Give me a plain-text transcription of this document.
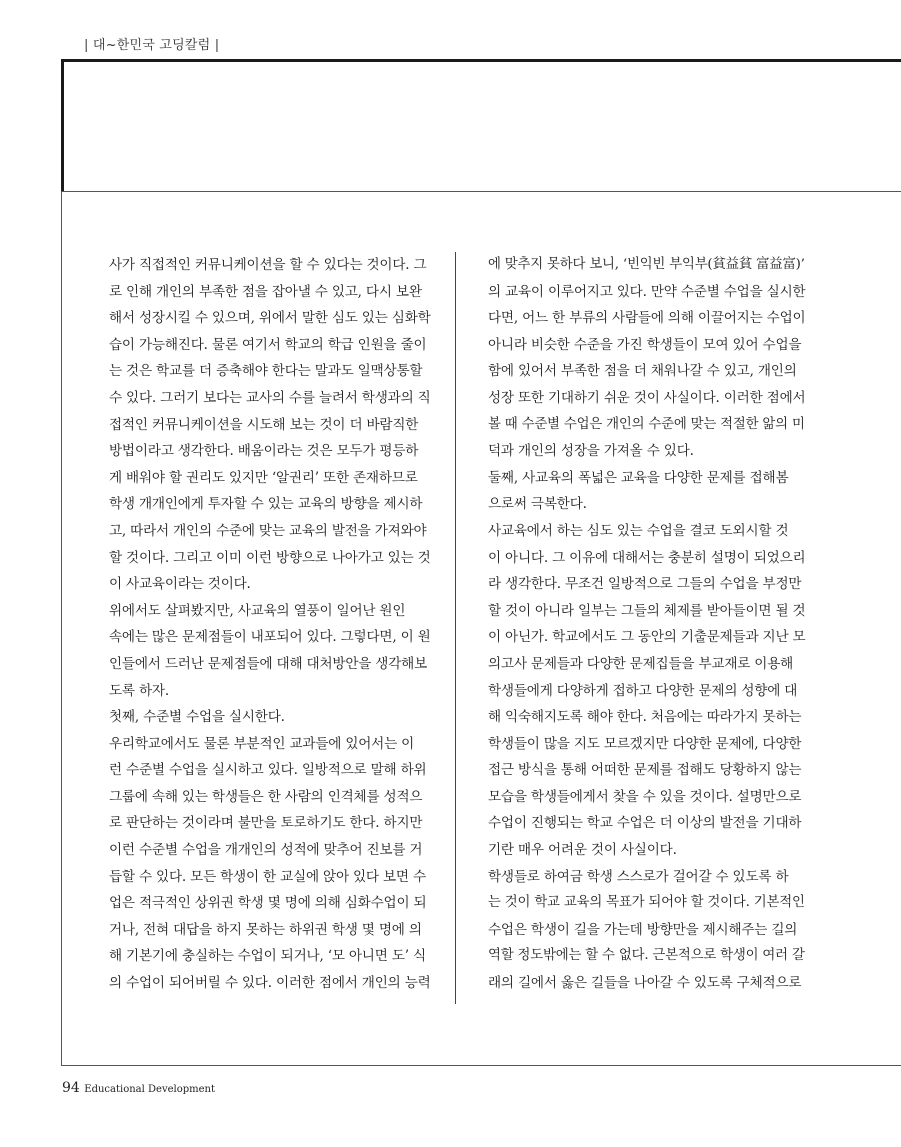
| 대~한민국 고딩칼럼 |

사가 직접적인 커뮤니케이션을 할 수 있다는 것이다. 그

로 인해 개인의 부족한 점을 잡아낼 수 있고, 다시 보완

해서 성장시킬 수 있으며, 위에서 말한 심도 있는 심화학

습이 가능해진다. 물론 여기서 학교의 학급 인원을 줄이

는 것은 학교를 더 증축해야 한다는 말과도 일맥상통할

수 있다. 그러기 보다는 교사의 수를 늘려서 학생과의 직

접적인 커뮤니케이션을 시도해 보는 것이 더 바람직한

방법이라고 생각한다. 배움이라는 것은 모두가 평등하

게 배워야 할 권리도 있지만 ‘알권리’ 또한 존재하므로

학생 개개인에게 투자할 수 있는 교육의 방향을 제시하

고, 따라서 개인의 수준에 맞는 교육의 발전을 가져와야

할 것이다. 그리고 이미 이런 방향으로 나아가고 있는 것

이 사교육이라는 것이다.

위에서도 살펴봤지만, 사교육의 열풍이 일어난 원인

속에는 많은 문제점들이 내포되어 있다. 그렇다면, 이 원

인들에서 드러난 문제점들에 대해 대처방안을 생각해보

도록 하자.

첫째, 수준별 수업을 실시한다.

우리학교에서도 물론 부분적인 교과들에 있어서는 이

런 수준별 수업을 실시하고 있다. 일방적으로 말해 하위

그룹에 속해 있는 학생들은 한 사람의 인격체를 성적으

로 판단하는 것이라며 불만을 토로하기도 한다. 하지만

이런 수준별 수업을 개개인의 성적에 맞추어 진보를 거

듭할 수 있다. 모든 학생이 한 교실에 앉아 있다 보면 수

업은 적극적인 상위권 학생 몇 명에 의해 심화수업이 되

거나, 전혀 대답을 하지 못하는 하위권 학생 몇 명에 의

해 기본기에 충실하는 수업이 되거나, ‘모 아니면 도’ 식

의 수업이 되어버릴 수 있다. 이러한 점에서 개인의 능력

에 맞추지 못하다 보니, ‘빈익빈 부익부(貧益貧 富益富)’

의 교육이 이루어지고 있다. 만약 수준별 수업을 실시한

다면, 어느 한 부류의 사람들에 의해 이끌어지는 수업이

아니라 비슷한 수준을 가진 학생들이 모여 있어 수업을

함에 있어서 부족한 점을 더 채워나갈 수 있고, 개인의

성장 또한 기대하기 쉬운 것이 사실이다. 이러한 점에서

볼 때 수준별 수업은 개인의 수준에 맞는 적절한 앎의 미

덕과 개인의 성장을 가져올 수 있다.

둘째, 사교육의 폭넓은 교육을 다양한 문제를 접해봄

으로써 극복한다.

사교육에서 하는 심도 있는 수업을 결코 도외시할 것

이 아니다. 그 이유에 대해서는 충분히 설명이 되었으리

라 생각한다. 무조건 일방적으로 그들의 수업을 부정만

할 것이 아니라 일부는 그들의 체제를 받아들이면 될 것

이 아닌가. 학교에서도 그 동안의 기출문제들과 지난 모

의고사 문제들과 다양한 문제집들을 부교재로 이용해

학생들에게 다양하게 접하고 다양한 문제의 성향에 대

해 익숙해지도록 해야 한다. 처음에는 따라가지 못하는

학생들이 많을 지도 모르겠지만 다양한 문제에, 다양한

접근 방식을 통해 어떠한 문제를 접해도 당황하지 않는

모습을 학생들에게서 찾을 수 있을 것이다. 설명만으로

수업이 진행되는 학교 수업은 더 이상의 발전을 기대하

기란 매우 어려운 것이 사실이다.

학생들로 하여금 학생 스스로가 걸어갈 수 있도록 하

는 것이 학교 교육의 목표가 되어야 할 것이다. 기본적인

수업은 학생이 길을 가는데 방향만을 제시해주는 길의

역할 정도밖에는 할 수 없다. 근본적으로 학생이 여러 갈

래의 길에서 옳은 길들을 나아갈 수 있도록 구체적으로

94 Educational Development
